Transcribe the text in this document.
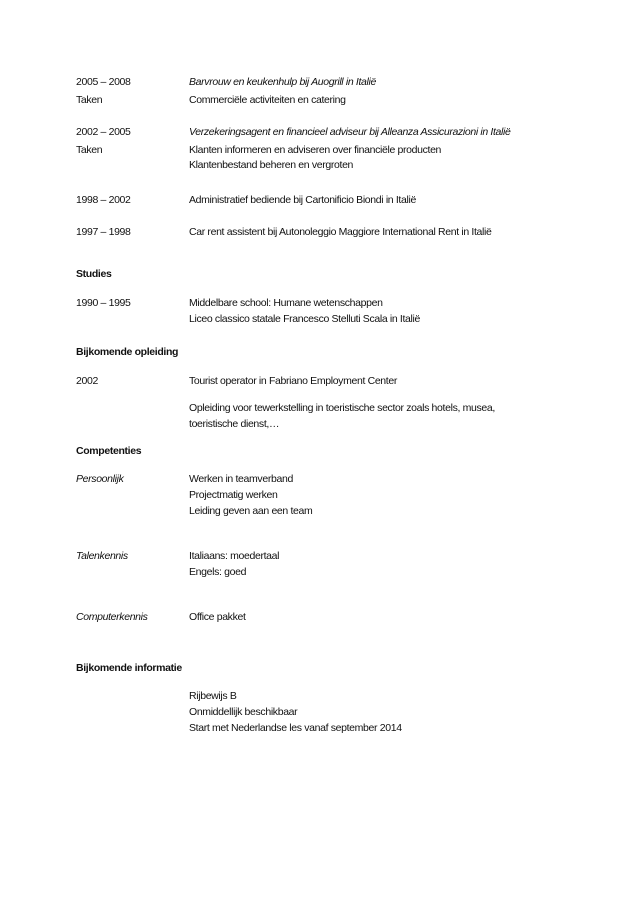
2005 – 2008	Barvrouw en keukenhulp bij Auogrill in Italië
Taken	Commerciële activiteiten en catering
2002 – 2005	Verzekeringsagent en financieel adviseur bij Alleanza Assicurazioni in Italië
Taken	Klanten informeren en adviseren over financiële producten
Klantenbestand beheren en vergroten
1998 – 2002	Administratief bediende bij Cartonificio Biondi in Italië
1997 – 1998	Car rent assistent bij Autonoleggio Maggiore International Rent in Italië
Studies
1990 – 1995	Middelbare school: Humane wetenschappen
Liceo classico statale Francesco Stelluti Scala in Italië
Bijkomende opleiding
2002	Tourist operator in Fabriano Employment Center
Opleiding voor tewerkstelling in toeristische sector zoals hotels, musea,
toeristische dienst,…
Competenties
Persoonlijk	Werken in teamverband
Projectmatig werken
Leiding geven aan een team
Talenkennis	Italiaans: moedertaal
Engels: goed
Computerkennis	Office pakket
Bijkomende informatie
Rijbewijs B
Onmiddellijk beschikbaar
Start met Nederlandse les vanaf september 2014
